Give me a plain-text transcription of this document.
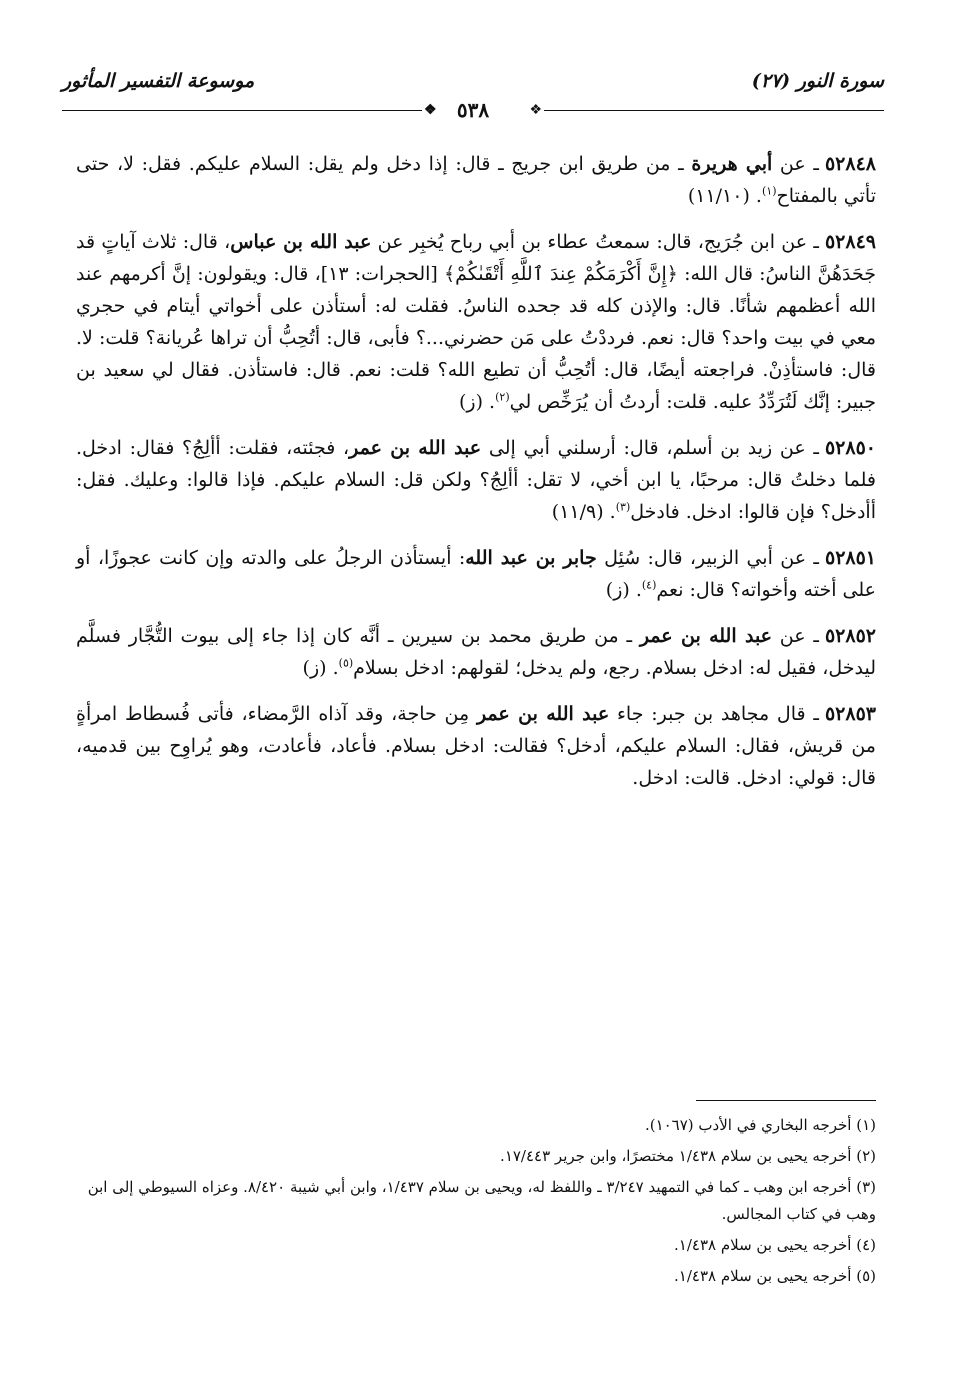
سورة النور (٢٧)
موسوعة التفسير المأثور
❖
❖	٥٣٨

٥٢٨٤٨ـ عن أبي هريرة ـ من طريق ابن جريج ـ قال: إذا دخل ولم يقل: السلام عليكم. فقل: لا، حتى تأتي بالمفتاح$^{(١)}$. (١١/١٠)

٥٢٨٤٩ـ عن ابن جُرَيج، قال: سمعتُ عطاء بن أبي رباح يُخبِر عن عبد الله بن عباس، قال: ثلاث آياتٍ قد جَحَدَهُنَّ الناسُ: قال الله: ﴿إِنَّ أَكْرَمَكُمْ عِندَ ٱللَّهِ أَتْقَىٰكُمْ﴾ [الحجرات: ١٣]، قال: ويقولون: إنَّ أكرمهم عند الله أعظمهم شأنًا. قال: والإذن كله قد جحده الناسُ. فقلت له: أستأذن على أخواتي أيتام في حجري معي في بيت واحد؟ قال: نعم. فرددْتُ على مَن حضرني...؟ فأبى، قال: أتُحِبُّ أن تراها عُريانة؟ قلت: لا. قال: فاستأذِنْ. فراجعته أيضًا، قال: أتُحِبُّ أن تطيع الله؟ قلت: نعم. قال: فاستأذن. فقال لي سعيد بن جبير: إنَّك لَتُرَدِّدُ عليه. قلت: أردتُ أن يُرَخِّص لي$^{(٢)}$. (ز)

٥٢٨٥٠ـ عن زيد بن أسلم، قال: أرسلني أبي إلى عبد الله بن عمر، فجئته، فقلت: أألِجُ؟ فقال: ادخل. فلما دخلتُ قال: مرحبًا، يا ابن أخي، لا تقل: أألِجُ؟ ولكن قل: السلام عليكم. فإذا قالوا: وعليك. فقل: أأدخل؟ فإن قالوا: ادخل. فادخل$^{(٣)}$. (١١/٩)

٥٢٨٥١ـ عن أبي الزبير، قال: سُئِل جابر بن عبد الله: أيستأذن الرجلُ على والدته وإن كانت عجوزًا، أو على أخته وأخواته؟ قال: نعم$^{(٤)}$. (ز)

٥٢٨٥٢ـ عن عبد الله بن عمر ـ من طريق محمد بن سيرين ـ أنَّه كان إذا جاء إلى بيوت التُّجَّار فسلَّم ليدخل، فقيل له: ادخل بسلام. رجع، ولم يدخل؛ لقولهم: ادخل بسلام$^{(٥)}$. (ز)

٥٢٨٥٣ـ قال مجاهد بن جبر: جاء عبد الله بن عمر مِن حاجة، وقد آذاه الرَّمضاء، فأتى فُسطاط امرأةٍ من قريش، فقال: السلام عليكم، أدخل؟ فقالت: ادخل بسلام. فأعاد، فأعادت، وهو يُراوِح بين قدميه، قال: قولي: ادخل. قالت: ادخل.

(١) أخرجه البخاري في الأدب (١٠٦٧).

(٢) أخرجه يحيى بن سلام ١/٤٣٨ مختصرًا، وابن جرير ١٧/٤٤٣.

(٣) أخرجه ابن وهب ـ كما في التمهيد ٣/٢٤٧ ـ واللفظ له، ويحيى بن سلام ١/٤٣٧، وابن أبي شيبة ٨/٤٢٠. وعزاه السيوطي إلى ابن وهب في كتاب المجالس.

(٤) أخرجه يحيى بن سلام ١/٤٣٨.

(٥) أخرجه يحيى بن سلام ١/٤٣٨.
